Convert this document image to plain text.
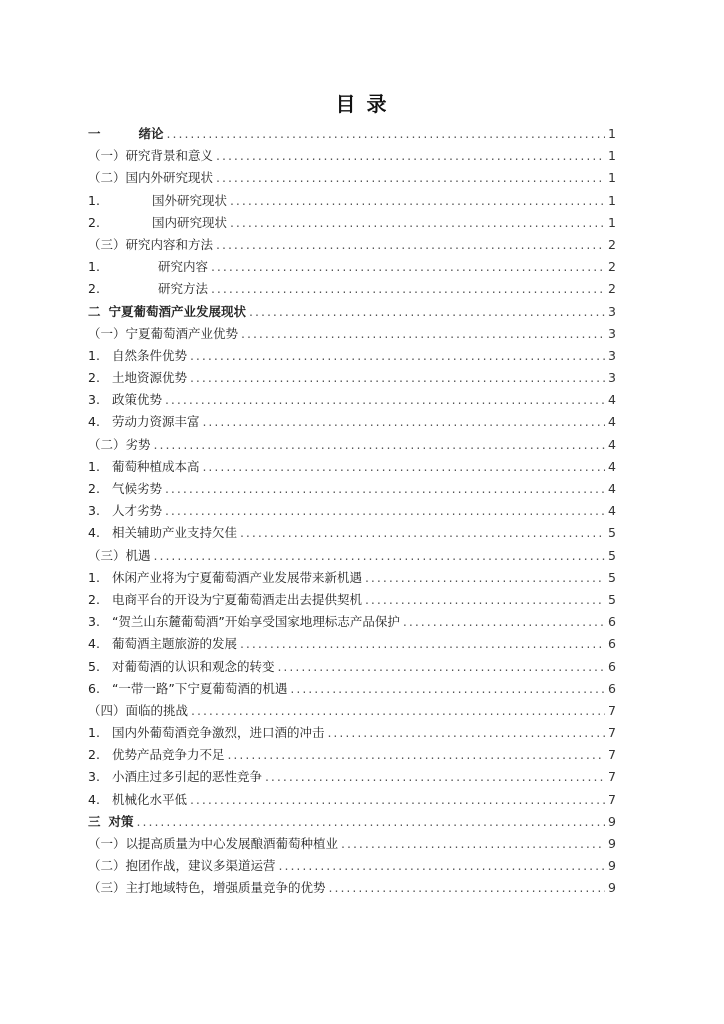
目 录
一	绪论 .....	1
（一）研究背景和意义 .....	1
（二）国内外研究现状 .....	1
1.	国外研究现状 .....	1
2.	国内研究现状 .....	1
（三）研究内容和方法 .....	2
1.	研究内容 .....	2
2.	研究方法 .....	2
二 宁夏葡萄酒产业发展现状 .....	3
（一）宁夏葡萄酒产业优势 .....	3
1. 自然条件优势 .....	3
2. 土地资源优势 .....	3
3. 政策优势 .....	4
4. 劳动力资源丰富 .....	4
（二）劣势 .....	4
1. 葡萄种植成本高 .....	4
2. 气候劣势 .....	4
3. 人才劣势 .....	4
4. 相关辅助产业支持欠佳 .....	5
（三）机遇 .....	5
1. 休闲产业将为宁夏葡萄酒产业发展带来新机遇 .....	5
2. 电商平台的开设为宁夏葡萄酒走出去提供契机 .....	5
3. “贺兰山东麓葡萄酒”开始享受国家地理标志产品保护 .....	6
4. 葡萄酒主题旅游的发展 .....	6
5. 对葡萄酒的认识和观念的转变 .....	6
6. “一带一路”下宁夏葡萄酒的机遇 .....	6
（四）面临的挑战 .....	7
1. 国内外葡萄酒竞争激烈，进口酒的冲击 .....	7
2. 优势产品竞争力不足 .....	7
3. 小酒庄过多引起的恶性竞争 .....	7
4. 机械化水平低 .....	7
三 对策 .....	9
（一）以提高质量为中心发展酿酒葡萄种植业 .....	9
（二）抱团作战，建议多渠道运营 .....	9
（三）主打地域特色，增强质量竞争的优势 .....	9
